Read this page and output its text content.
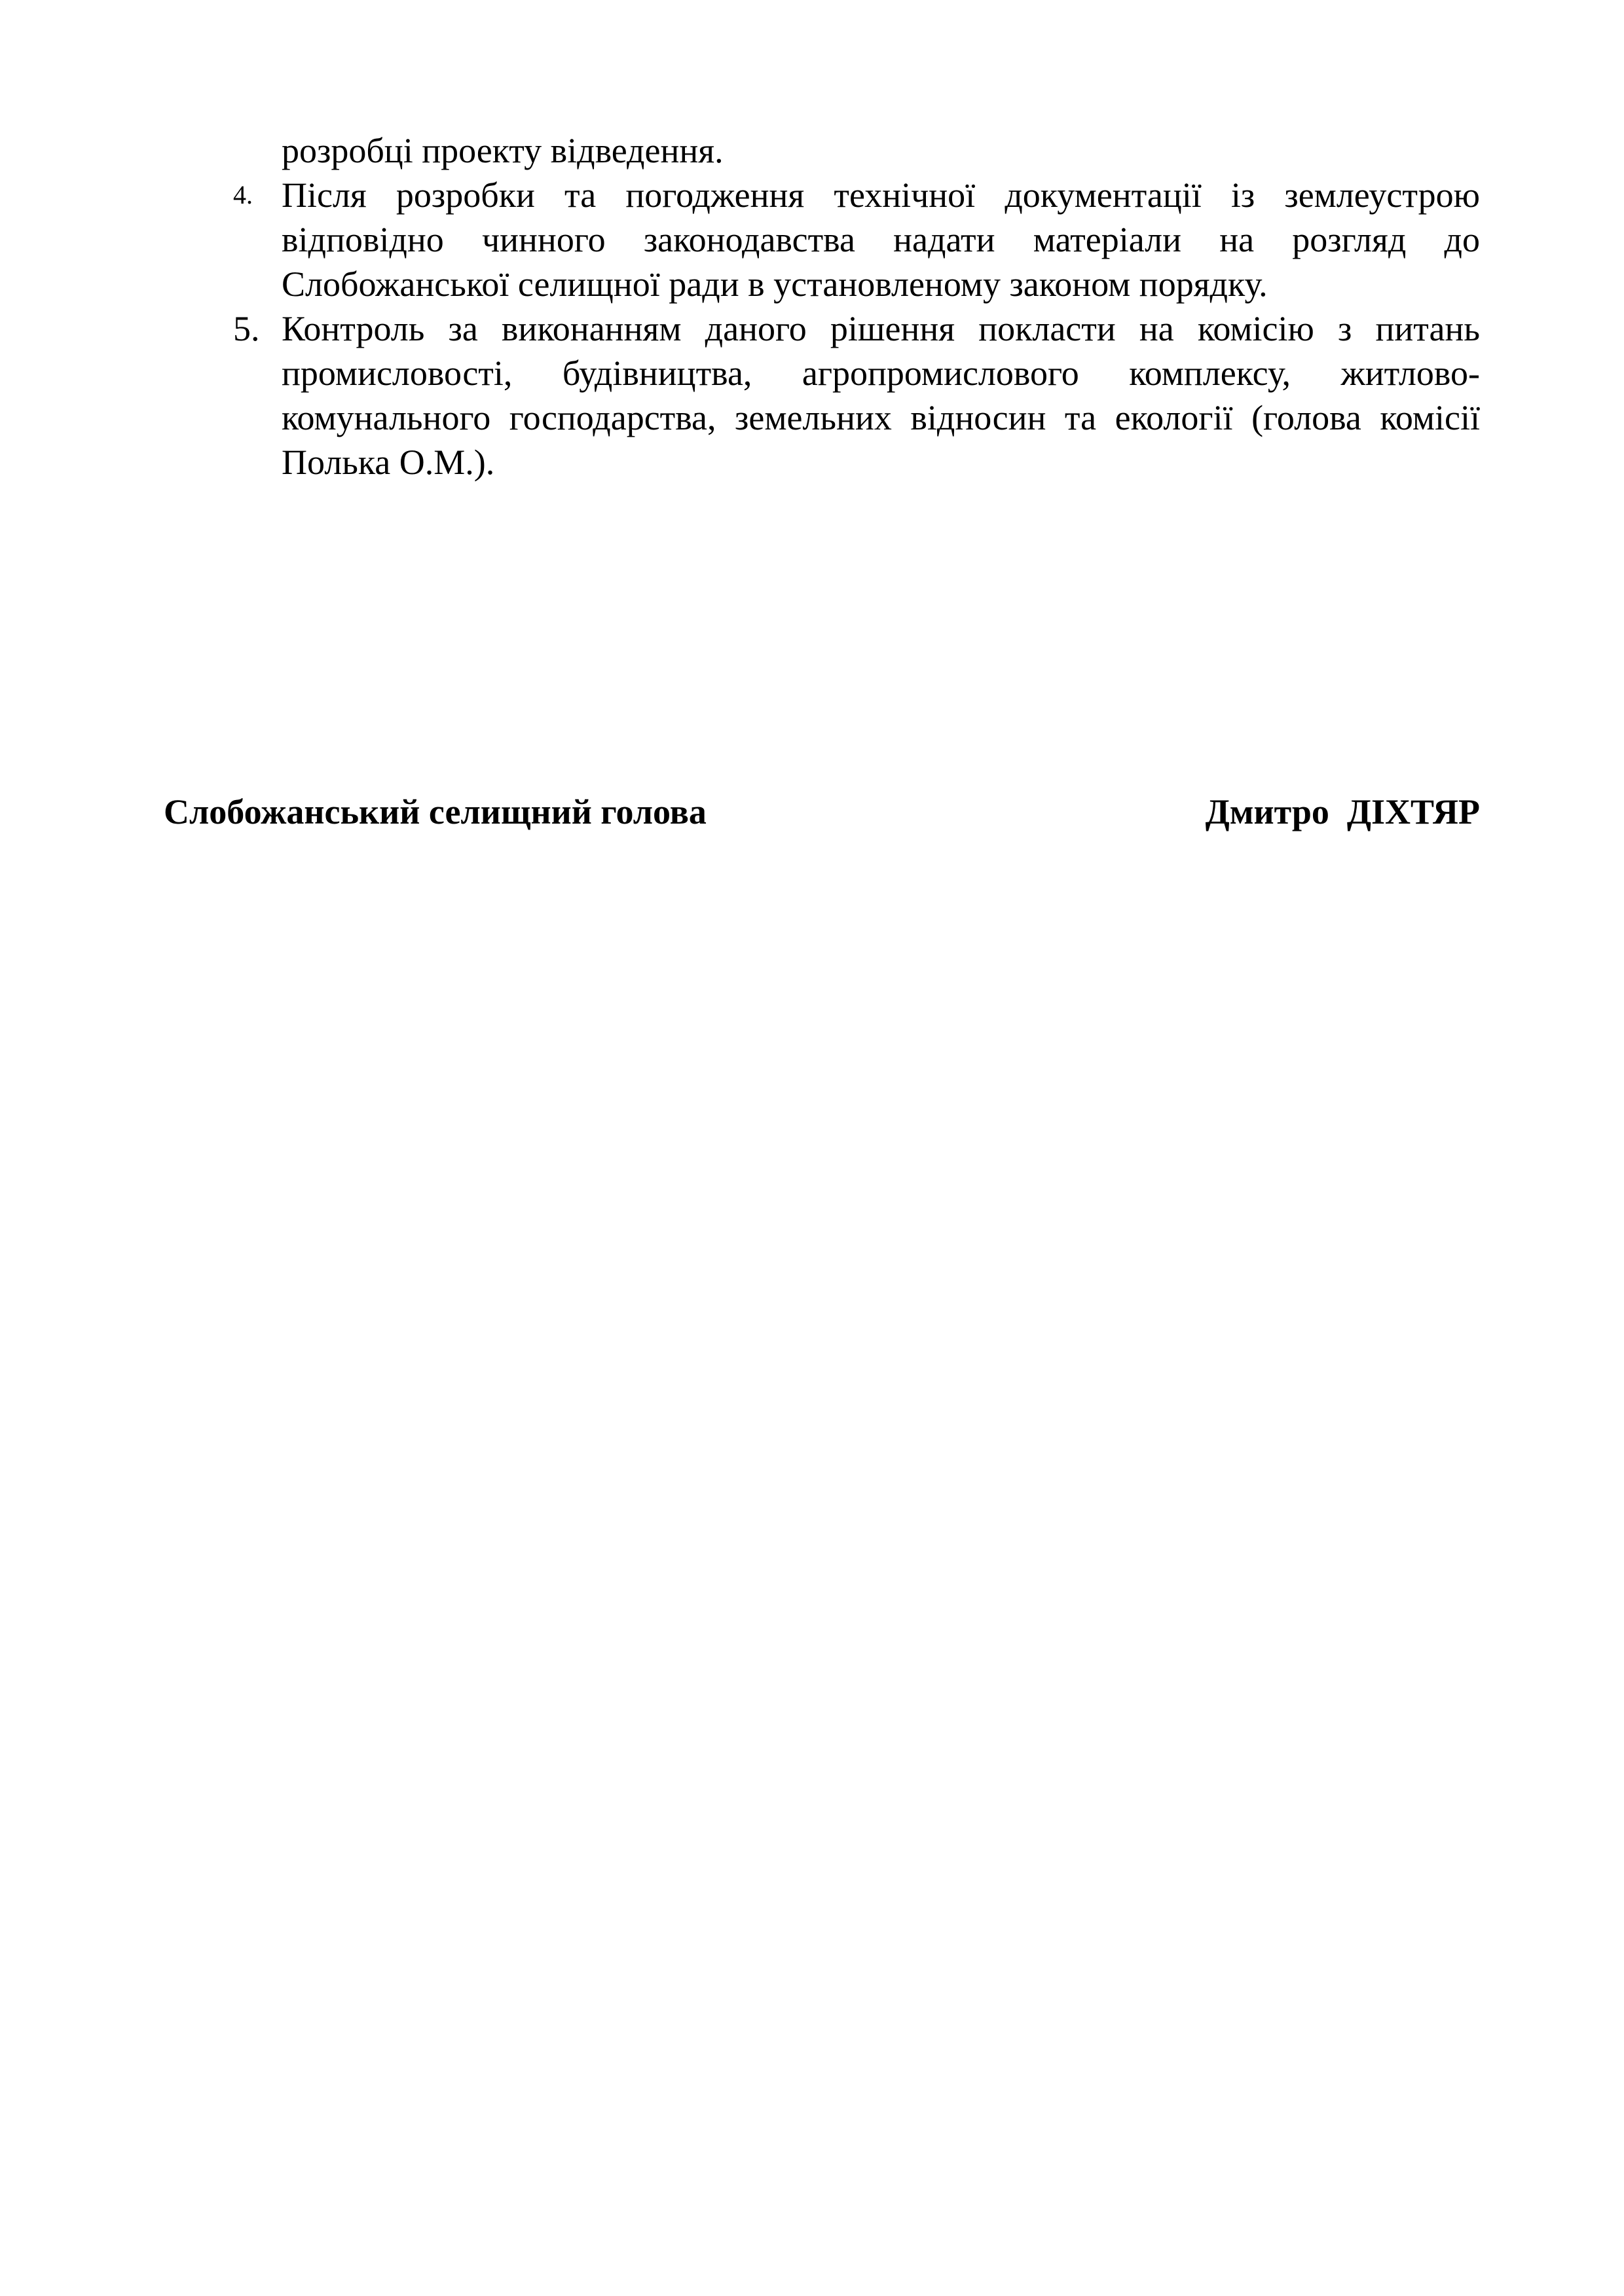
розробці проекту відведення.
4. Після розробки та погодження технічної документації із землеустрою відповідно чинного законодавства надати матеріали на розгляд до Слобожанської селищної ради в установленому законом порядку.
5. Контроль за виконанням даного рішення покласти на комісію з питань промисловості, будівництва, агропромислового комплексу, житлово-комунального господарства, земельних відносин та екології (голова комісії Полька О.М.).
Слобожанський селищний голова	Дмитро  ДІХТЯР
